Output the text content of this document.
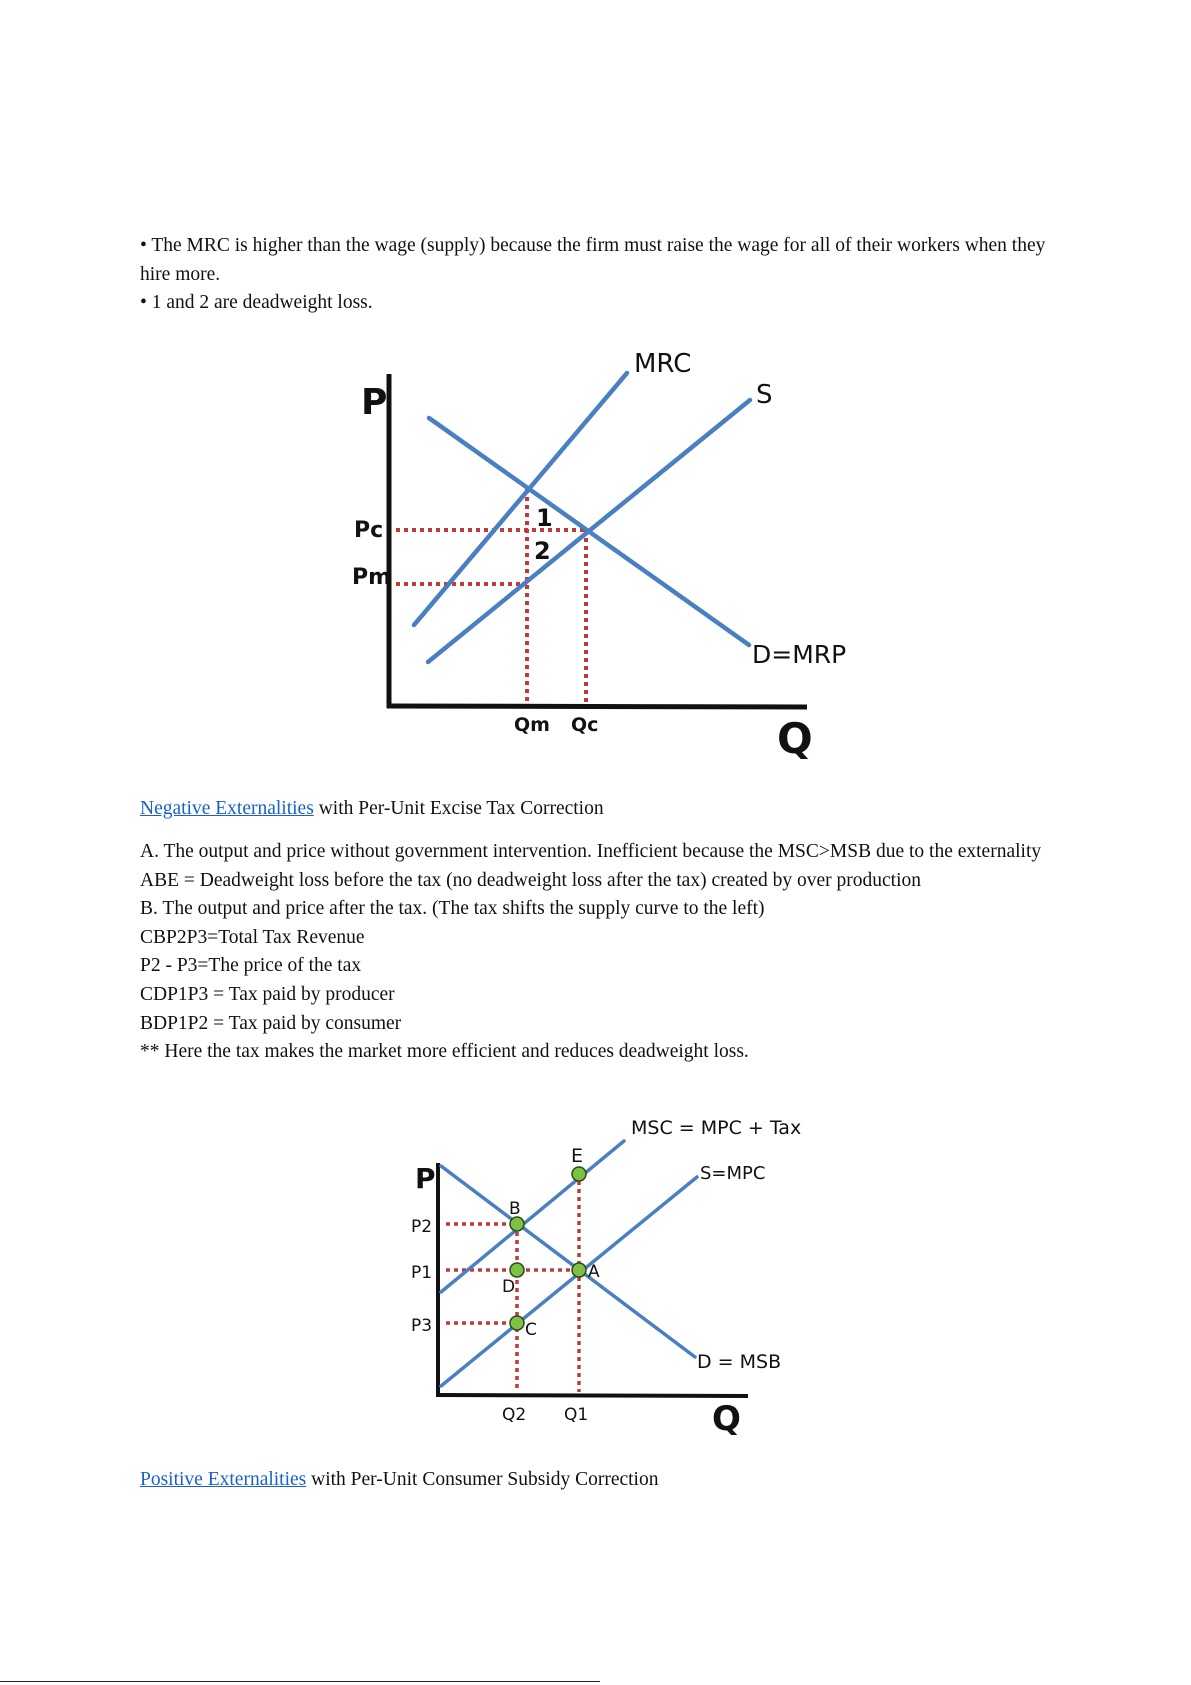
• The MRC is higher than the wage (supply) because the firm must raise the wage for all of their workers when they hire more.

• 1 and 2 are deadweight loss.

P
Q
MRC
S
D=MRP
Pc
Pm
Qm Qc
1
2
Negative Externalities with Per-Unit Excise Tax Correction

A. The output and price without government intervention. Inefficient because the MSC>MSB due to the externality

ABE = Deadweight loss before the tax (no deadweight loss after the tax) created by over production

B. The output and price after the tax. (The tax shifts the supply curve to the left)

CBP2P3=Total Tax Revenue

P2 - P3=The price of the tax

CDP1P3 = Tax paid by producer

BDP1P2 = Tax paid by consumer

** Here the tax makes the market more efficient and reduces deadweight loss.

P
Q
MSC = MPC + Tax
S=MPC
D = MSB
P2
P1
P3
Q2 Q1
A
B
C
D
E
Positive Externalities with Per-Unit Consumer Subsidy Correction
